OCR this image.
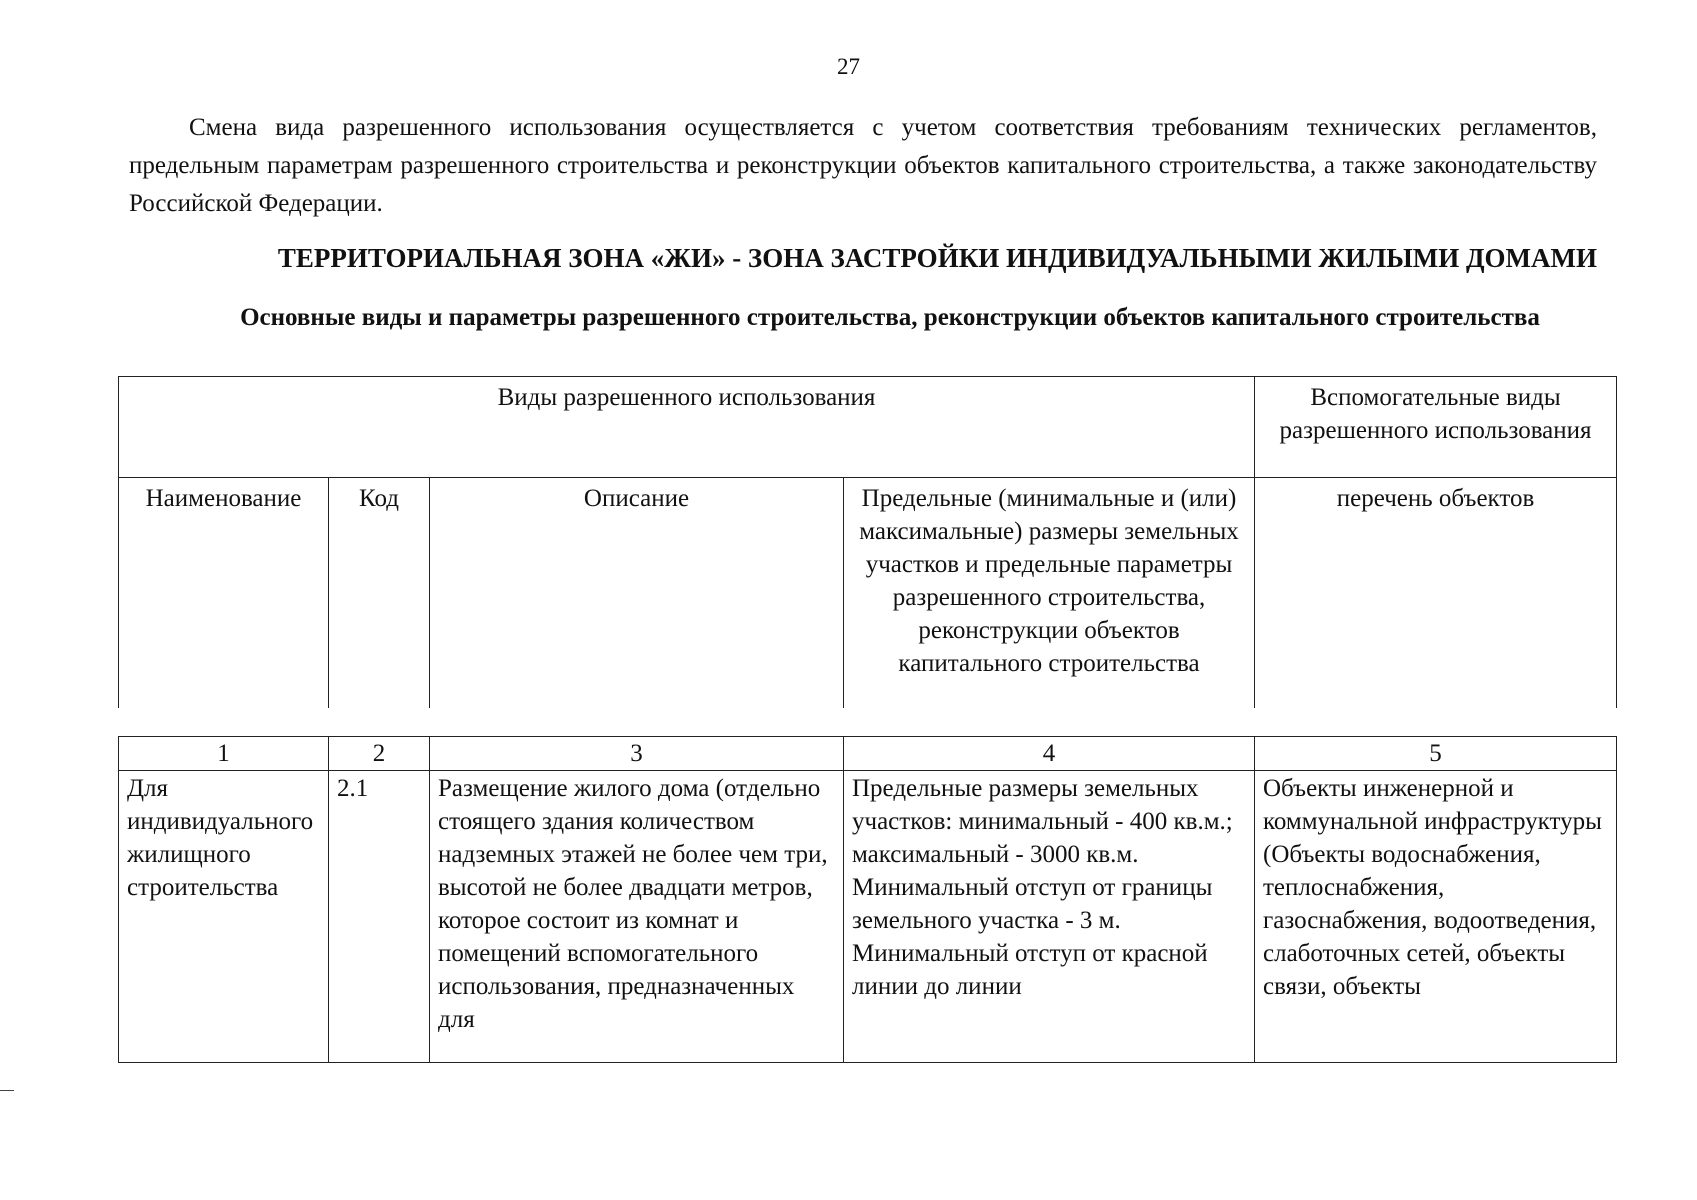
27
Смена вида разрешенного использования осуществляется с учетом соответствия требованиям технических регламентов, предельным параметрам разрешенного строительства и реконструкции объектов капитального строительства, а также законодательству Российской Федерации.
ТЕРРИТОРИАЛЬНАЯ ЗОНА «ЖИ» - ЗОНА ЗАСТРОЙКИ ИНДИВИДУАЛЬНЫМИ ЖИЛЫМИ ДОМАМИ
Основные виды и параметры разрешенного строительства, реконструкции объектов капитального строительства
Виды разрешенного использования				Вспомогательные виды разрешенного использования
Наименование	Код	Описание	Предельные (минимальные и (или) максимальные) размеры земельных участков и предельные параметры разрешенного строительства, реконструкции объектов капитального строительства	перечень объектов
1	2	3	4	5

Для индивидуального жилищного строительства	2.1	Размещение жилого дома (отдельно стоящего здания количеством надземных этажей не более чем три, высотой не более двадцати метров, которое состоит из комнат и помещений вспомогательного использования, предназначенных для	Предельные размеры земельных участков: минимальный - 400 кв.м.; максимальный - 3000 кв.м. Минимальный отступ от границы земельного участка - 3 м. Минимальный отступ от красной линии до линии	Объекты инженерной и коммунальной инфраструктуры (Объекты водоснабжения, теплоснабжения, газоснабжения, водоотведения, слаботочных сетей, объекты связи, объекты
